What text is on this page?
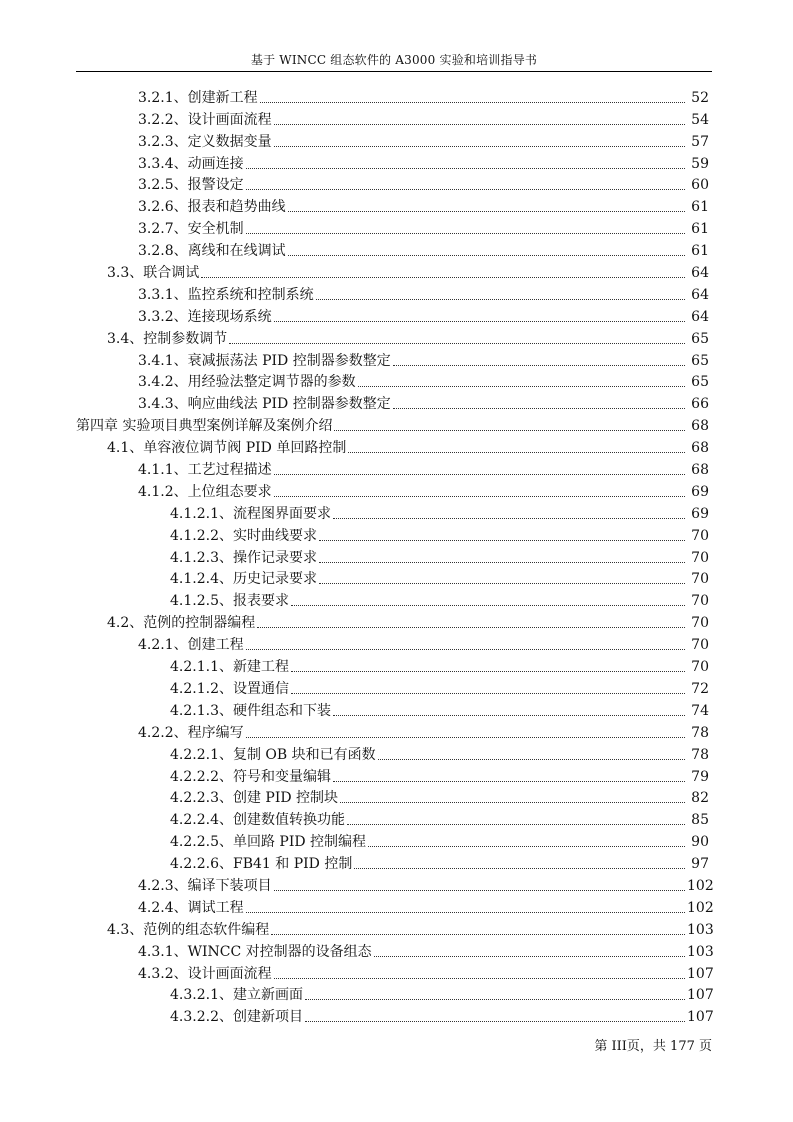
基于 WINCC 组态软件的 A3000 实验和培训指导书
3.2.1、创建新工程	52
3.2.2、设计画面流程	54
3.2.3、定义数据变量	57
3.3.4、动画连接	59
3.2.5、报警设定	60
3.2.6、报表和趋势曲线	61
3.2.7、安全机制	61
3.2.8、离线和在线调试	61
3.3、联合调试	64
3.3.1、监控系统和控制系统	64
3.3.2、连接现场系统	64
3.4、控制参数调节	65
3.4.1、衰减振荡法 PID 控制器参数整定	65
3.4.2、用经验法整定调节器的参数	65
3.4.3、响应曲线法 PID 控制器参数整定	66
第四章 实验项目典型案例详解及案例介绍	68
4.1、单容液位调节阀 PID 单回路控制	68
4.1.1、工艺过程描述	68
4.1.2、上位组态要求	69
4.1.2.1、流程图界面要求	69
4.1.2.2、实时曲线要求	70
4.1.2.3、操作记录要求	70
4.1.2.4、历史记录要求	70
4.1.2.5、报表要求	70
4.2、范例的控制器编程	70
4.2.1、创建工程	70
4.2.1.1、新建工程	70
4.2.1.2、设置通信	72
4.2.1.3、硬件组态和下装	74
4.2.2、程序编写	78
4.2.2.1、复制 OB 块和已有函数	78
4.2.2.2、符号和变量编辑	79
4.2.2.3、创建 PID 控制块	82
4.2.2.4、创建数值转换功能	85
4.2.2.5、单回路 PID 控制编程	90
4.2.2.6、FB41 和 PID 控制	97
4.2.3、编译下装项目	102
4.2.4、调试工程	102
4.3、范例的组态软件编程	103
4.3.1、WINCC 对控制器的设备组态	103
4.3.2、设计画面流程	107
4.3.2.1、建立新画面	107
4.3.2.2、创建新项目	107
第 III页，共 177 页
